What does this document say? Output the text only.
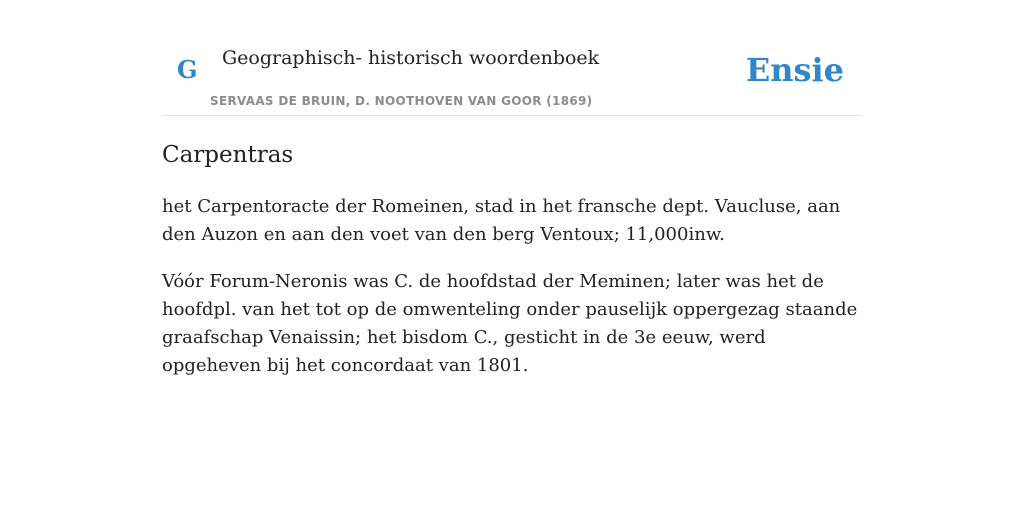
G Geographisch- historisch woordenboek
SERVAAS DE BRUIN, D. NOOTHOVEN VAN GOOR (1869)
Ensie
Carpentras

het Carpentoracte der Romeinen, stad in het fransche dept. Vaucluse, aan den Auzon en aan den voet van den berg Ventoux; 11,000inw.

Vóór Forum-Neronis was C. de hoofdstad der Meminen; later was het de hoofdpl. van het tot op de omwenteling onder pauselijk oppergezag staande graafschap Venaissin; het bisdom C., gesticht in de 3e eeuw, werd opgeheven bij het concordaat van 1801.
